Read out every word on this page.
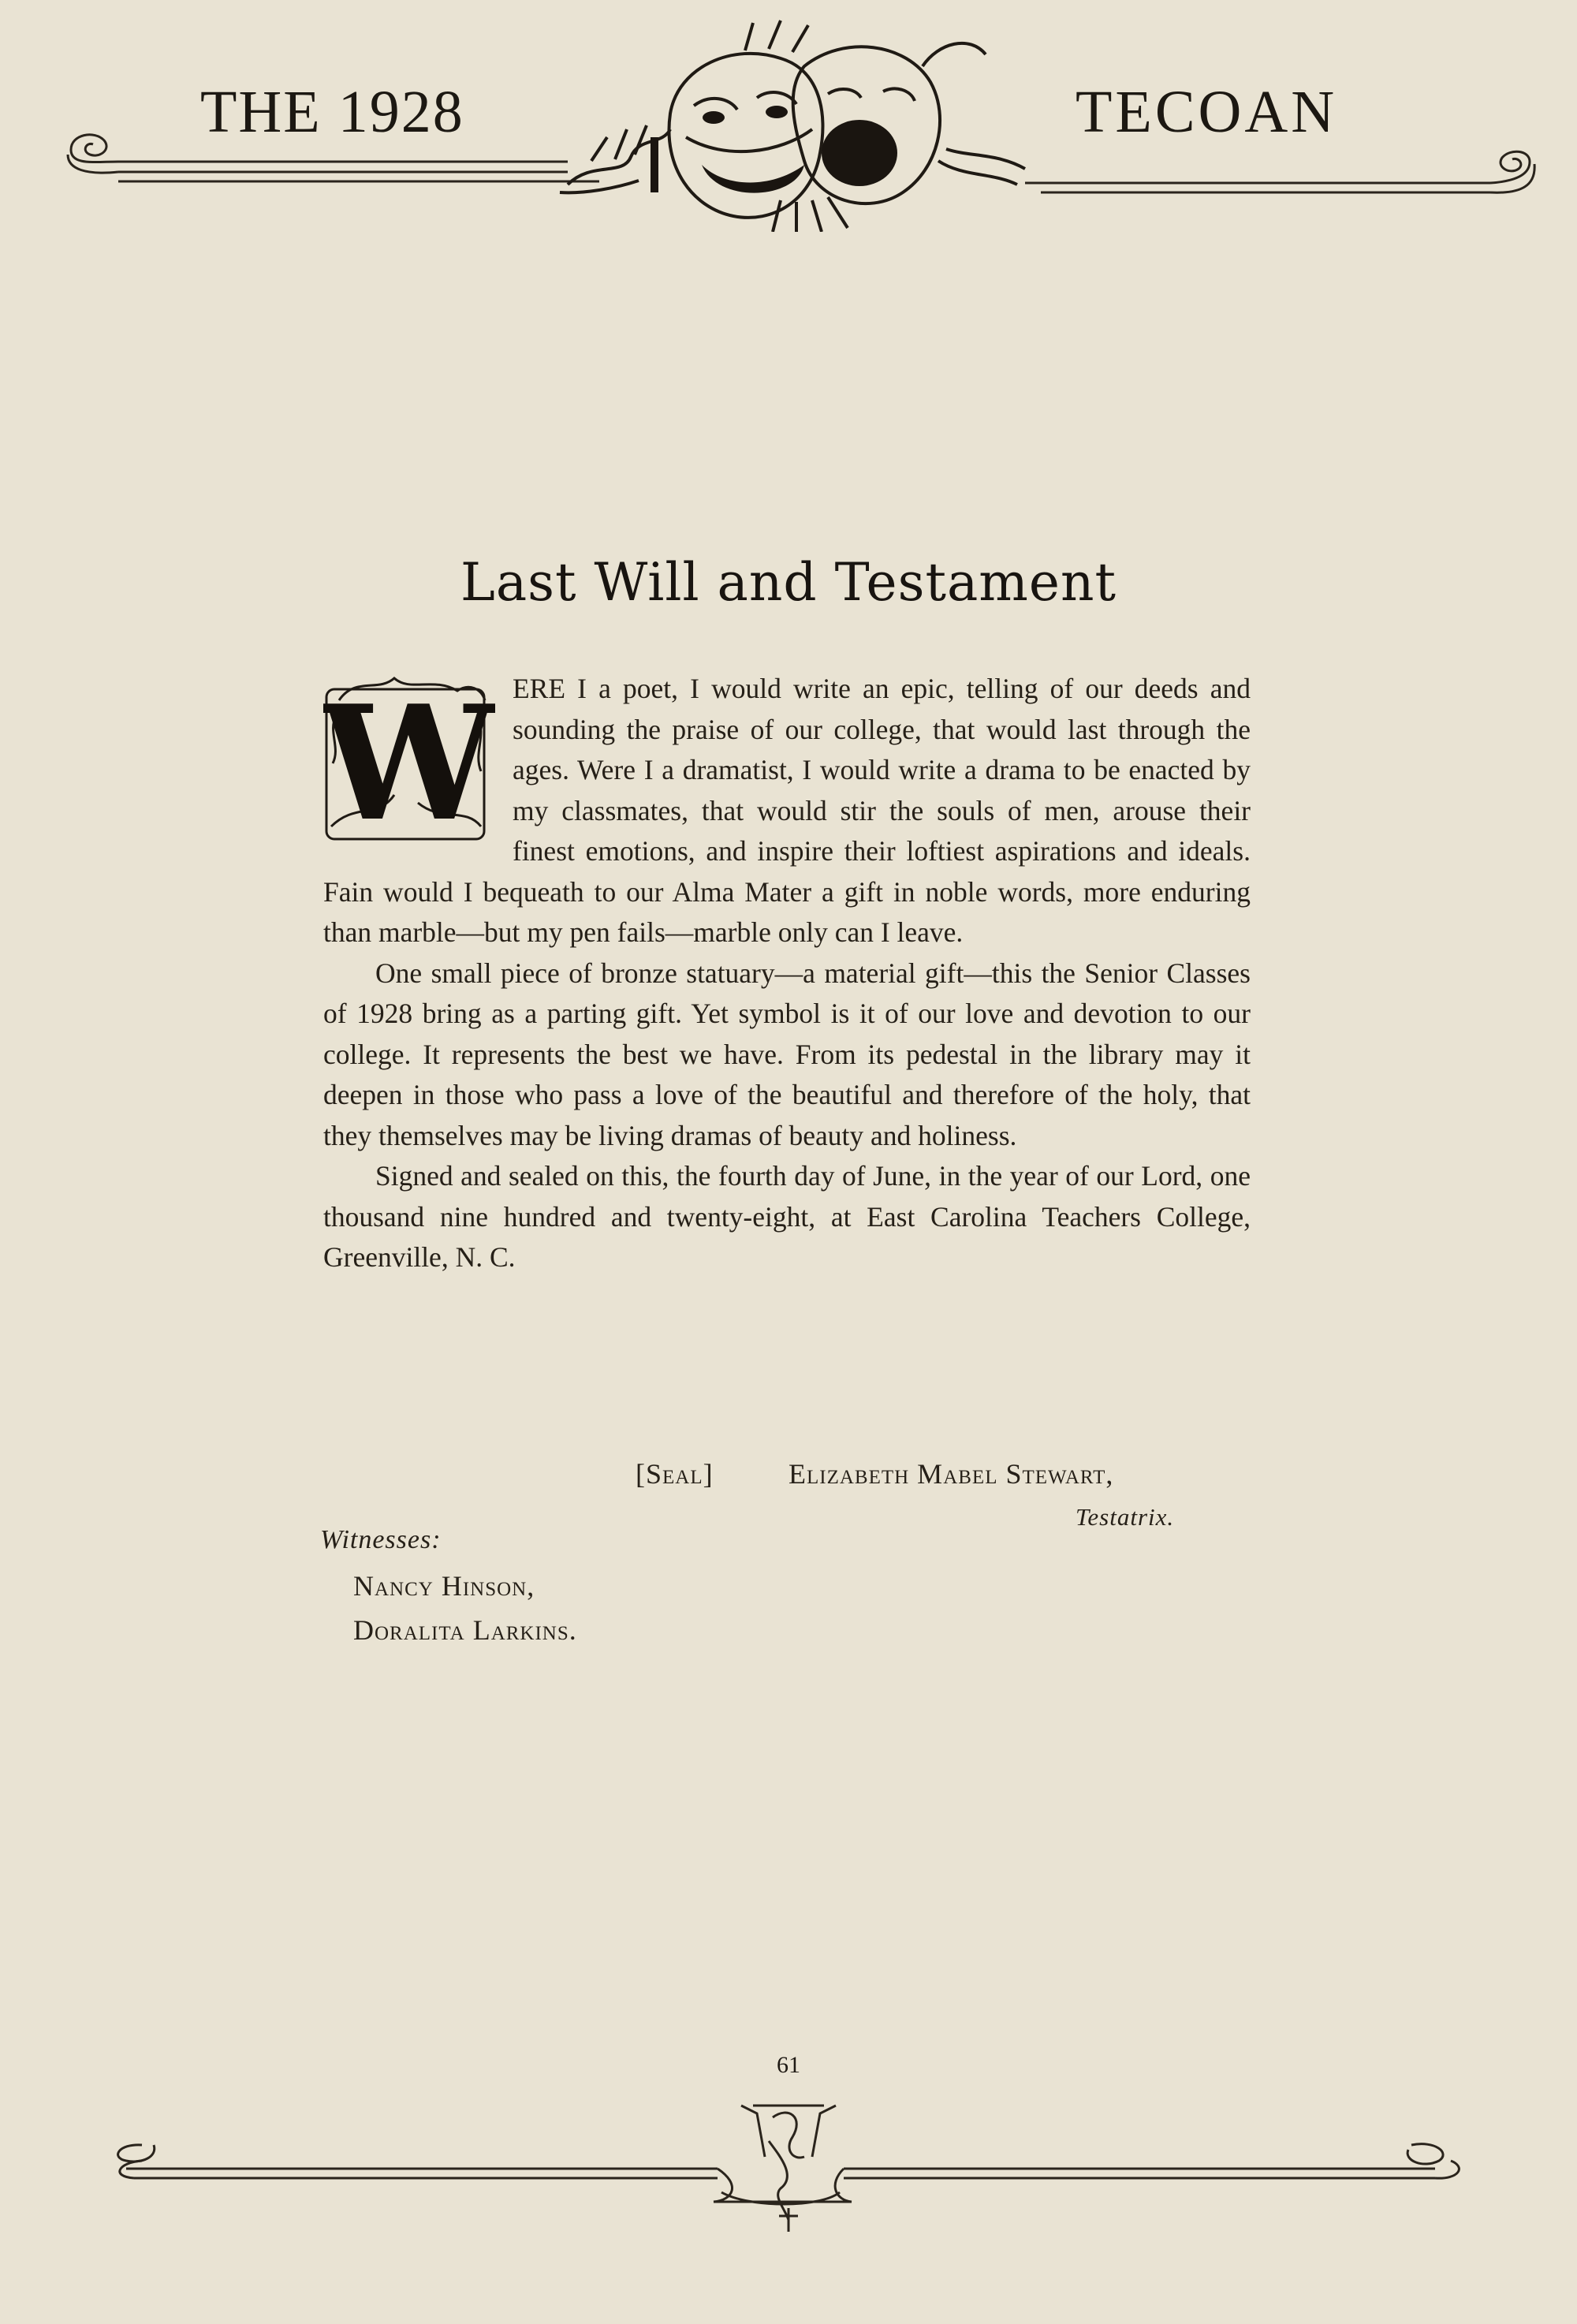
THE 1928	TECOAN
Last Will and Testament
W ERE I a poet, I would write an epic, telling of our deeds and sounding the praise of our college, that would last through the ages. Were I a dramatist, I would write a drama to be enacted by my classmates, that would stir the souls of men, arouse their finest emotions, and inspire their loftiest aspirations and ideals. Fain would I bequeath to our Alma Mater a gift in noble words, more enduring than marble—but my pen fails—marble only can I leave.

One small piece of bronze statuary—a material gift—this the Senior Classes of 1928 bring as a parting gift. Yet symbol is it of our love and devotion to our college. It represents the best we have. From its pedestal in the library may it deepen in those who pass a love of the beautiful and therefore of the holy, that they themselves may be living dramas of beauty and holiness.

Signed and sealed on this, the fourth day of June, in the year of our Lord, one thousand nine hundred and twenty-eight, at East Carolina Teachers College, Greenville, N. C.

[Seal]	Elizabeth Mabel Stewart,
Testatrix.
Witnesses:
Nancy Hinson,
Doralita Larkins.
61
